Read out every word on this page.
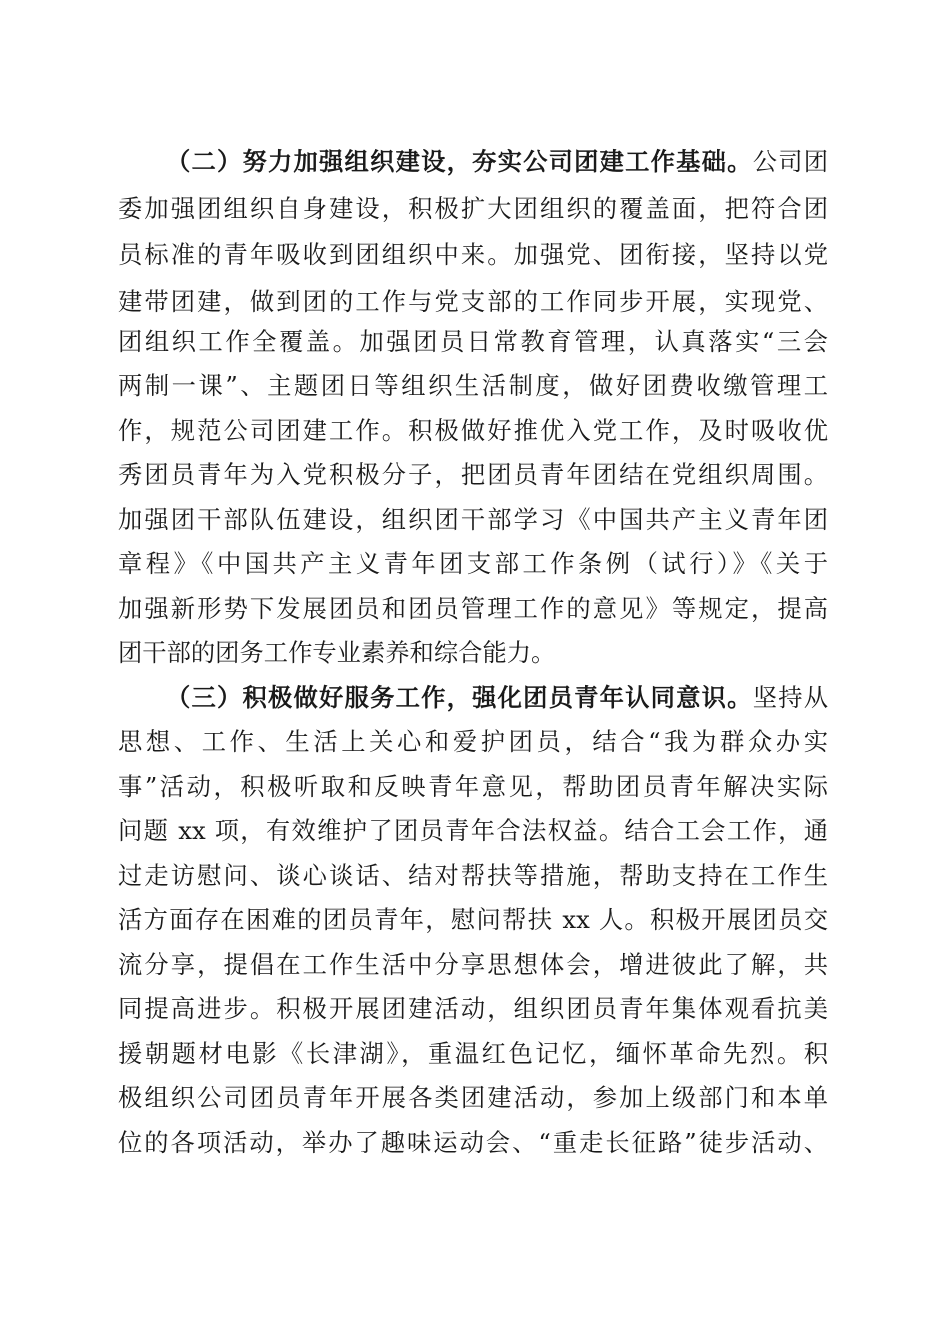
（二）努力加强组织建设，夯实公司团建工作基础。公司团
委加强团组织自身建设，积极扩大团组织的覆盖面，把符合团
员标准的青年吸收到团组织中来。加强党、团衔接，坚持以党
建带团建，做到团的工作与党支部的工作同步开展，实现党、
团组织工作全覆盖。加强团员日常教育管理，认真落实“三会
两制一课”、主题团日等组织生活制度，做好团费收缴管理工
作，规范公司团建工作。积极做好推优入党工作，及时吸收优
秀团员青年为入党积极分子，把团员青年团结在党组织周围。
加强团干部队伍建设，组织团干部学习《中国共产主义青年团
章程》《中国共产主义青年团支部工作条例（试行）》《关于
加强新形势下发展团员和团员管理工作的意见》等规定，提高
团干部的团务工作专业素养和综合能力。
（三）积极做好服务工作，强化团员青年认同意识。坚持从
思想、工作、生活上关心和爱护团员，结合“我为群众办实
事”活动，积极听取和反映青年意见，帮助团员青年解决实际
问题 xx 项，有效维护了团员青年合法权益。结合工会工作，通
过走访慰问、谈心谈话、结对帮扶等措施，帮助支持在工作生
活方面存在困难的团员青年，慰问帮扶 xx 人。积极开展团员交
流分享，提倡在工作生活中分享思想体会，增进彼此了解，共
同提高进步。积极开展团建活动，组织团员青年集体观看抗美
援朝题材电影《长津湖》，重温红色记忆，缅怀革命先烈。积
极组织公司团员青年开展各类团建活动，参加上级部门和本单
位的各项活动，举办了趣味运动会、“重走长征路”徒步活动、
